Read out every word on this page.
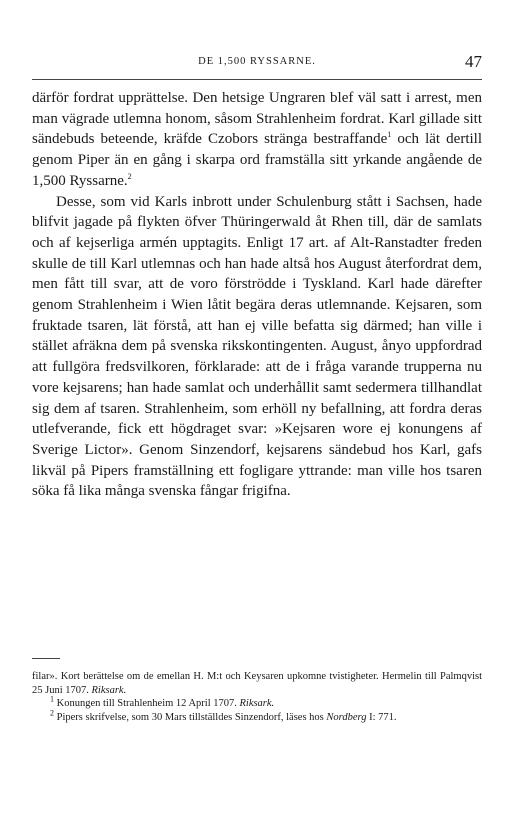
DE 1,500 RYSSARNE.	47

därför fordrat upprättelse. Den hetsige Ungraren blef väl satt i arrest, men man vägrade utlemna honom, såsom Strahlenheim fordrat. Karl gillade sitt sändebuds beteende, kräfde Czobors stränga bestraffande$^1$ och lät dertill genom Piper än en gång i skarpa ord framställa sitt yrkande angående de 1,500 Ryssarne.$^2$

Desse, som vid Karls inbrott under Schulenburg stått i Sachsen, hade blifvit jagade på flykten öfver Thüringerwald åt Rhen till, där de samlats och af kejserliga armén upptagits. Enligt 17 art. af Alt-Ranstadter freden skulle de till Karl utlemnas och han hade altså hos August återfordrat dem, men fått till svar, att de voro förströdde i Tyskland. Karl hade därefter genom Strahlenheim i Wien låtit begära deras utlemnande. Kejsaren, som fruktade tsaren, lät förstå, att han ej ville befatta sig därmed; han ville i stället afräkna dem på svenska rikskontingenten. August, ånyo uppfordrad att fullgöra fredsvilkoren, förklarade: att de i fråga varande trupperna nu vore kejsarens; han hade samlat och underhållit samt sedermera tillhandlat sig dem af tsaren. Strahlenheim, som erhöll ny befallning, att fordra deras utlefverande, fick ett högdraget svar: »Kejsaren wore ej konungens af Sverige Lictor». Genom Sinzendorf, kejsarens sändebud hos Karl, gafs likväl på Pipers framställning ett fogligare yttrande: man ville hos tsaren söka få lika många svenska fångar frigifna.

filar». Kort berättelse om de emellan H. M:t och Keysaren upkomne tvistigheter. Hermelin till Palmqvist 25 Juni 1707. Riksark.

$^1$ Konungen till Strahlenheim 12 April 1707. Riksark.

$^2$ Pipers skrifvelse, som 30 Mars tillställdes Sinzendorf, läses hos Nordberg I: 771.
